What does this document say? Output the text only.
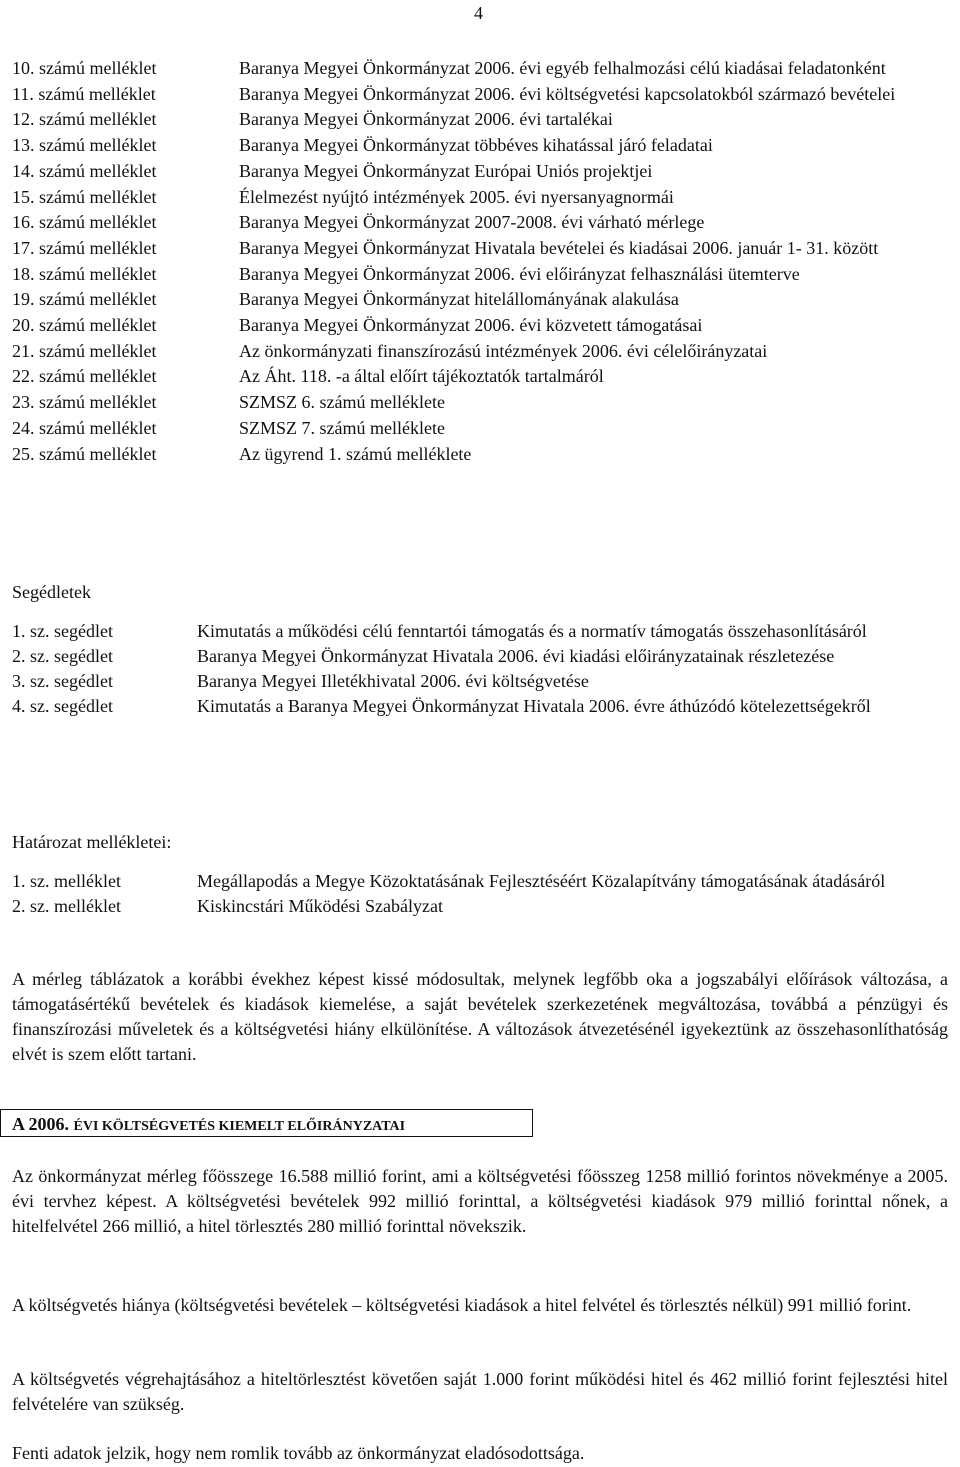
4
10. számú melléklet	Baranya Megyei Önkormányzat 2006. évi egyéb felhalmozási célú kiadásai feladatonként
11. számú melléklet	Baranya Megyei Önkormányzat 2006. évi költségvetési kapcsolatokból származó bevételei
12. számú melléklet	Baranya Megyei Önkormányzat 2006. évi tartalékai
13. számú melléklet	Baranya Megyei Önkormányzat többéves kihatással járó feladatai
14. számú melléklet	Baranya Megyei Önkormányzat Európai Uniós projektjei
15. számú melléklet	Élelmezést nyújtó intézmények 2005. évi nyersanyagnormái
16. számú melléklet	Baranya Megyei Önkormányzat 2007-2008. évi várható mérlege
17. számú melléklet	Baranya Megyei Önkormányzat Hivatala bevételei és kiadásai 2006. január 1- 31. között
18. számú melléklet	Baranya Megyei Önkormányzat 2006. évi előirányzat felhasználási ütemterve
19. számú melléklet	Baranya Megyei Önkormányzat hitelállományának alakulása
20. számú melléklet	Baranya Megyei Önkormányzat 2006. évi közvetett támogatásai
21. számú melléklet	Az önkormányzati finanszírozású intézmények 2006. évi célelőirányzatai
22. számú melléklet	Az Áht. 118. -a által előírt tájékoztatók tartalmáról
23. számú melléklet	SZMSZ 6. számú melléklete
24. számú melléklet	SZMSZ 7. számú melléklete
25. számú melléklet	Az ügyrend 1. számú melléklete
Segédletek
1. sz. segédlet	Kimutatás a működési célú fenntartói támogatás és a normatív támogatás összehasonlításáról
2. sz. segédlet	Baranya Megyei Önkormányzat Hivatala 2006. évi kiadási előirányzatainak részletezése
3. sz. segédlet	Baranya Megyei Illetékhivatal 2006. évi költségvetése
4. sz. segédlet	Kimutatás a Baranya Megyei Önkormányzat Hivatala 2006. évre áthúzódó kötelezettségekről
Határozat mellékletei:
1. sz. melléklet	Megállapodás a Megye Közoktatásának Fejlesztéséért Közalapítvány támogatásának átadásáról
2. sz. melléklet	Kiskincstári Működési Szabályzat

A mérleg táblázatok a korábbi évekhez képest kissé módosultak, melynek legfőbb oka a jogszabályi előírások változása, a támogatásértékű bevételek és kiadások kiemelése, a saját bevételek szerkezetének megváltozása, továbbá a pénzügyi és finanszírozási műveletek és a költségvetési hiány elkülönítése. A változások átvezetésénél igyekeztünk az összehasonlíthatóság elvét is szem előtt tartani.

A 2006. ÉVI KÖLTSÉGVETÉS KIEMELT ELŐIRÁNYZATAI

Az önkormányzat mérleg főösszege 16.588 millió forint, ami a költségvetési főösszeg 1258 millió forintos növekménye a 2005. évi tervhez képest. A költségvetési bevételek 992 millió forinttal, a költségvetési kiadások 979 millió forinttal nőnek, a hitelfelvétel 266 millió, a hitel törlesztés 280 millió forinttal növekszik.

A költségvetés hiánya (költségvetési bevételek – költségvetési kiadások a hitel felvétel és törlesztés nélkül) 991 millió forint.

A költségvetés végrehajtásához a hiteltörlesztést követően saját 1.000 forint működési hitel és 462 millió forint fejlesztési hitel felvételére van szükség.

Fenti adatok jelzik, hogy nem romlik tovább az önkormányzat eladósodottsága.
